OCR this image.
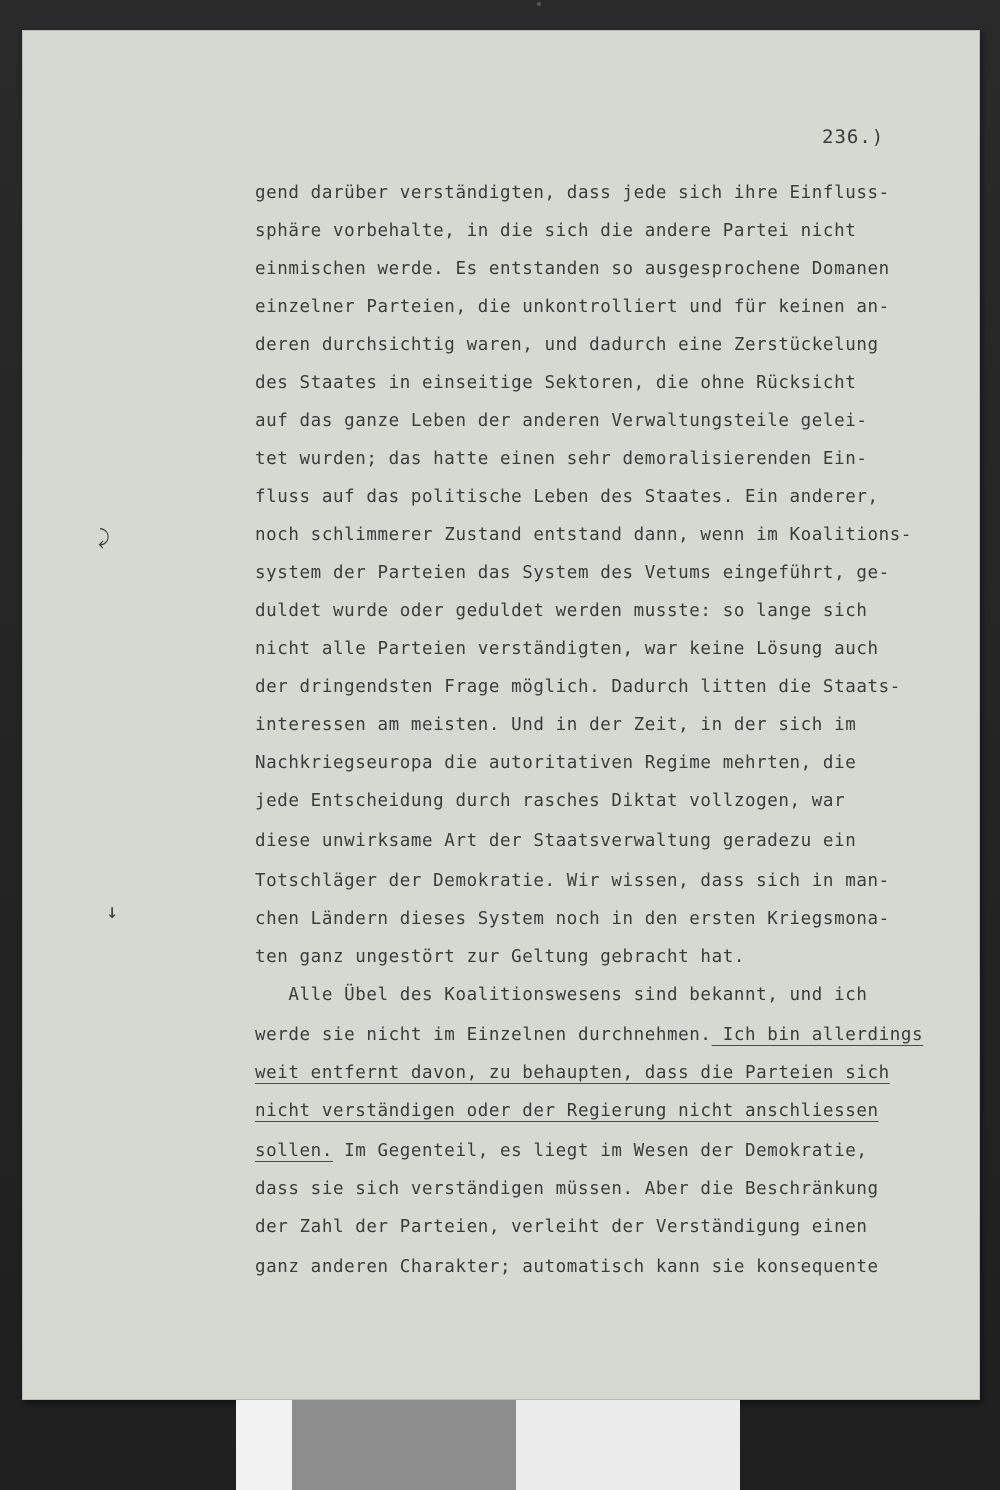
236.)
⤸
↓
gend darüber verständigten, dass jede sich ihre Einfluss-
sphäre vorbehalte, in die sich die andere Partei nicht
einmischen werde. Es entstanden so ausgesprochene Domanen
einzelner Parteien, die unkontrolliert und für keinen an-
deren durchsichtig waren, und dadurch eine Zerstückelung
des Staates in einseitige Sektoren, die ohne Rücksicht
auf das ganze Leben der anderen Verwaltungsteile gelei-
tet wurden; das hatte einen sehr demoralisierenden Ein-
fluss auf das politische Leben des Staates. Ein anderer,
noch schlimmerer Zustand entstand dann, wenn im Koalitions-
system der Parteien das System des Vetums eingeführt, ge-
duldet wurde oder geduldet werden musste: so lange sich
nicht alle Parteien verständigten, war keine Lösung auch
der dringendsten Frage möglich. Dadurch litten die Staats-
interessen am meisten. Und in der Zeit, in der sich im
Nachkriegseuropa die autoritativen Regime mehrten, die
jede Entscheidung durch rasches Diktat vollzogen, war
diese unwirksame Art der Staatsverwaltung geradezu ein
Totschläger der Demokratie. Wir wissen, dass sich in man-
chen Ländern dieses System noch in den ersten Kriegsmona-
ten ganz ungestört zur Geltung gebracht hat.
Alle Übel des Koalitionswesens sind bekannt, und ich
werde sie nicht im Einzelnen durchnehmen. Ich bin allerdings
weit entfernt davon, zu behaupten, dass die Parteien sich
nicht verständigen oder der Regierung nicht anschliessen
sollen. Im Gegenteil, es liegt im Wesen der Demokratie,
dass sie sich verständigen müssen. Aber die Beschränkung
der Zahl der Parteien, verleiht der Verständigung einen
ganz anderen Charakter; automatisch kann sie konsequente
